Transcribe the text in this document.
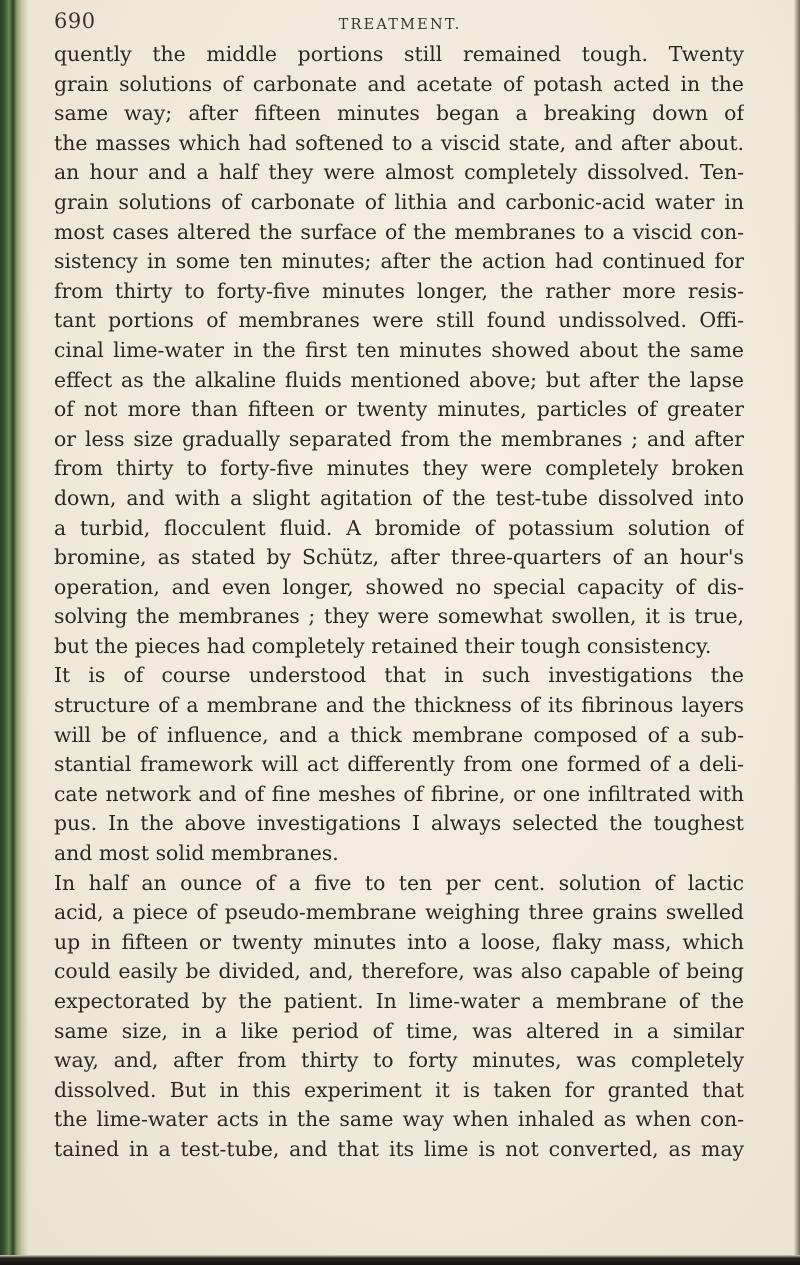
690	TREATMENT.
quently the middle portions still remained tough. Twenty
grain solutions of carbonate and acetate of potash acted in the
same way; after fifteen minutes began a breaking down of
the masses which had softened to a viscid state, and after about.
an hour and a half they were almost completely dissolved. Ten-
grain solutions of carbonate of lithia and carbonic-acid water in
most cases altered the surface of the membranes to a viscid con-
sistency in some ten minutes; after the action had continued for
from thirty to forty-five minutes longer, the rather more resis-
tant portions of membranes were still found undissolved. Offi-
cinal lime-water in the first ten minutes showed about the same
effect as the alkaline fluids mentioned above; but after the lapse
of not more than fifteen or twenty minutes, particles of greater
or less size gradually separated from the membranes ; and after
from thirty to forty-five minutes they were completely broken
down, and with a slight agitation of the test-tube dissolved into
a turbid, flocculent fluid. A bromide of potassium solution of
bromine, as stated by Schütz, after three-quarters of an hour's
operation, and even longer, showed no special capacity of dis-
solving the membranes ; they were somewhat swollen, it is true,
but the pieces had completely retained their tough consistency.
It is of course understood that in such investigations the
structure of a membrane and the thickness of its fibrinous layers
will be of influence, and a thick membrane composed of a sub-
stantial framework will act differently from one formed of a deli-
cate network and of fine meshes of fibrine, or one infiltrated with
pus. In the above investigations I always selected the toughest
and most solid membranes.
In half an ounce of a five to ten per cent. solution of lactic
acid, a piece of pseudo-membrane weighing three grains swelled
up in fifteen or twenty minutes into a loose, flaky mass, which
could easily be divided, and, therefore, was also capable of being
expectorated by the patient. In lime-water a membrane of the
same size, in a like period of time, was altered in a similar
way, and, after from thirty to forty minutes, was completely
dissolved. But in this experiment it is taken for granted that
the lime-water acts in the same way when inhaled as when con-
tained in a test-tube, and that its lime is not converted, as may
